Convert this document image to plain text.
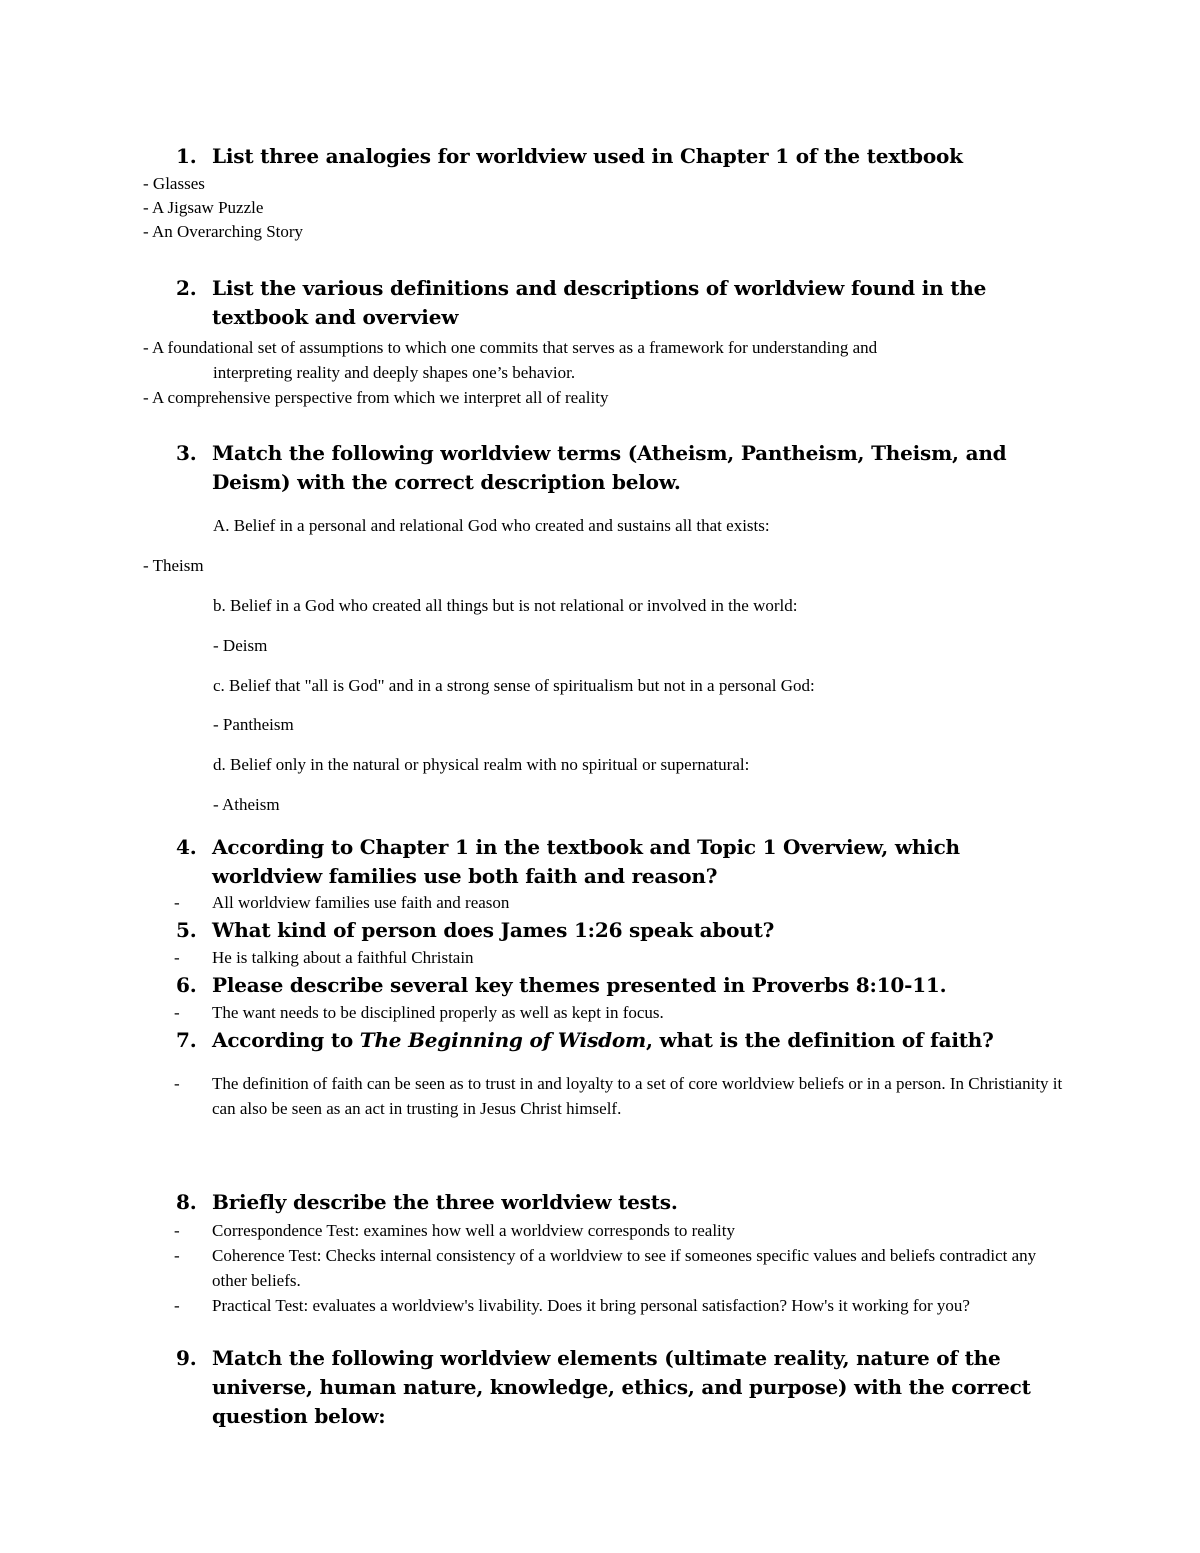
1. List three analogies for worldview used in Chapter 1 of the textbook
- Glasses
- A Jigsaw Puzzle
- An Overarching Story
2. List the various definitions and descriptions of worldview found in the textbook and overview
- A foundational set of assumptions to which one commits that serves as a framework for understanding and
interpreting reality and deeply shapes one’s behavior.
- A comprehensive perspective from which we interpret all of reality
3. Match the following worldview terms (Atheism, Pantheism, Theism, and Deism) with the correct description below.
A. Belief in a personal and relational God who created and sustains all that exists:
- Theism
b. Belief in a God who created all things but is not relational or involved in the world:
- Deism
c. Belief that "all is God" and in a strong sense of spiritualism but not in a personal God:
- Pantheism
d. Belief only in the natural or physical realm with no spiritual or supernatural:
- Atheism
4. According to Chapter 1 in the textbook and Topic 1 Overview, which worldview families use both faith and reason?
- All worldview families use faith and reason
5. What kind of person does James 1:26 speak about?
- He is talking about a faithful Christain
6. Please describe several key themes presented in Proverbs 8:10-11.
- The want needs to be disciplined properly as well as kept in focus.
7. According to The Beginning of Wisdom, what is the definition of faith?
- The definition of faith can be seen as to trust in and loyalty to a set of core worldview beliefs or in a person. In Christianity it can also be seen as an act in trusting in Jesus Christ himself.
8. Briefly describe the three worldview tests.
- Correspondence Test: examines how well a worldview corresponds to reality
- Coherence Test: Checks internal consistency of a worldview to see if someones specific values and beliefs contradict any other beliefs.
- Practical Test: evaluates a worldview's livability. Does it bring personal satisfaction? How's it working for you?
9. Match the following worldview elements (ultimate reality, nature of the universe, human nature, knowledge, ethics, and purpose) with the correct question below:
